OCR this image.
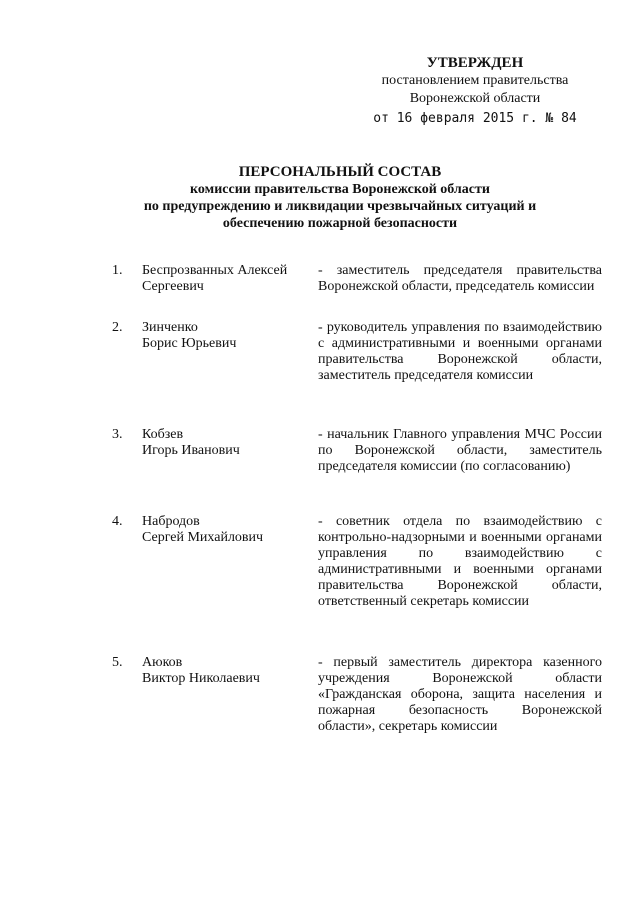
УТВЕРЖДЕН
постановлением правительства
Воронежской области
от 16 февраля 2015 г. № 84
ПЕРСОНАЛЬНЫЙ СОСТАВ
комиссии правительства Воронежской области
по предупреждению и ликвидации чрезвычайных ситуаций и
обеспечению пожарной безопасности
1.	Беспрозванных Алексей
Сергеевич
- заместитель председателя правительства Воронежской области, председатель комиссии
2.	Зинченко
Борис Юрьевич
- руководитель управления по взаимодействию с административными и военными органами правительства Воронежской области, заместитель председателя комиссии
3.	Кобзев
Игорь Иванович
- начальник Главного управления МЧС России по Воронежской области, заместитель председателя комиссии (по согласованию)
4.	Набродов
Сергей Михайлович
- советник отдела по взаимодействию с контрольно-надзорными и военными органами управления по взаимодействию с административными и военными органами правительства Воронежской области, ответственный секретарь комиссии
5.	Аюков
Виктор Николаевич
- первый заместитель директора казенного учреждения Воронежской области «Гражданская оборона, защита населения и пожарная безопасность Воронежской области», секретарь комиссии
